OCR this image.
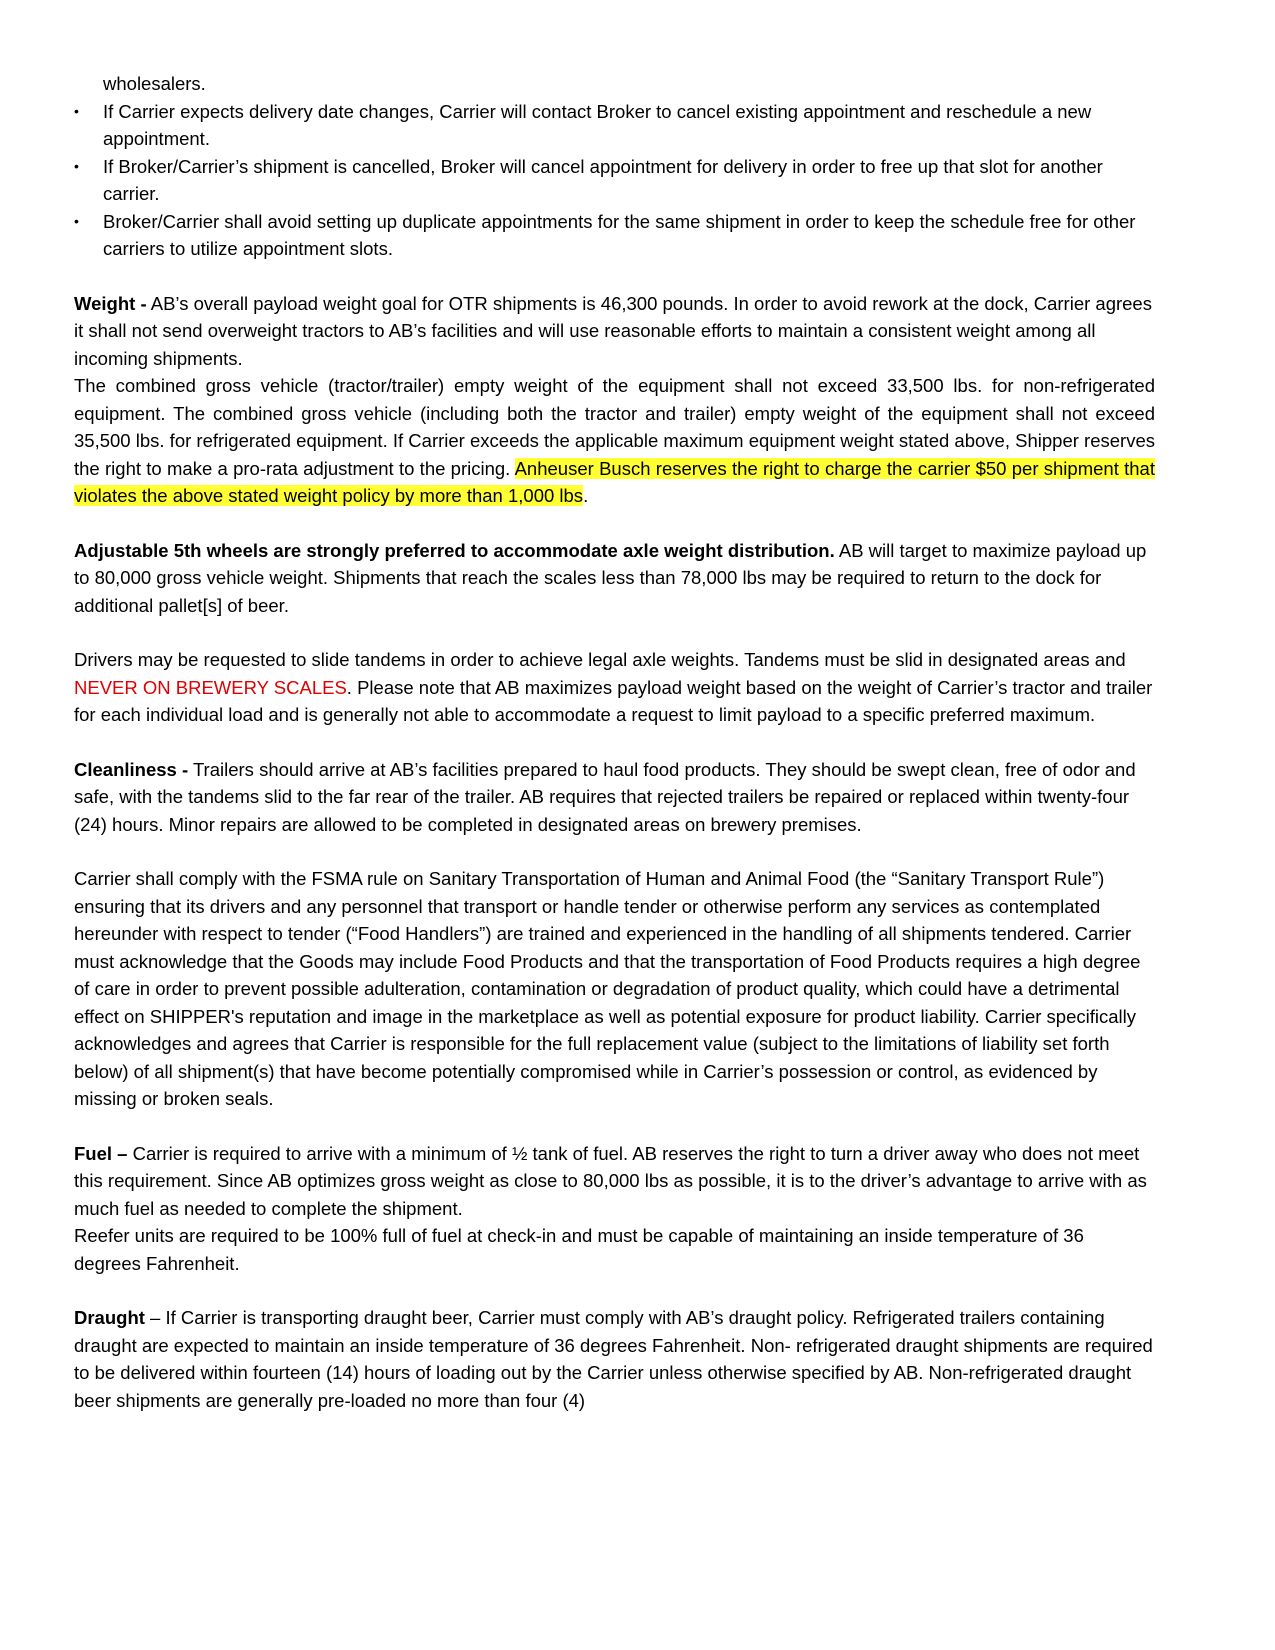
wholesalers.

• If Carrier expects delivery date changes, Carrier will contact Broker to cancel existing appointment and reschedule a new appointment.
• If Broker/Carrier’s shipment is cancelled, Broker will cancel appointment for delivery in order to free up that slot for another carrier.
• Broker/Carrier shall avoid setting up duplicate appointments for the same shipment in order to keep the schedule free for other carriers to utilize appointment slots.

Weight - AB’s overall payload weight goal for OTR shipments is 46,300 pounds. In order to avoid rework at the dock, Carrier agrees it shall not send overweight tractors to AB’s facilities and will use reasonable efforts to maintain a consistent weight among all incoming shipments.

The combined gross vehicle (tractor/trailer) empty weight of the equipment shall not exceed 33,500 lbs. for non-refrigerated equipment. The combined gross vehicle (including both the tractor and trailer) empty weight of the equipment shall not exceed 35,500 lbs. for refrigerated equipment. If Carrier exceeds the applicable maximum equipment weight stated above, Shipper reserves the right to make a pro-rata adjustment to the pricing. Anheuser Busch reserves the right to charge the carrier $50 per shipment that violates the above stated weight policy by more than 1,000 lbs.

Adjustable 5th wheels are strongly preferred to accommodate axle weight distribution. AB will target to maximize payload up to 80,000 gross vehicle weight. Shipments that reach the scales less than 78,000 lbs may be required to return to the dock for additional pallet[s] of beer.

Drivers may be requested to slide tandems in order to achieve legal axle weights. Tandems must be slid in designated areas and NEVER ON BREWERY SCALES. Please note that AB maximizes payload weight based on the weight of Carrier’s tractor and trailer for each individual load and is generally not able to accommodate a request to limit payload to a specific preferred maximum.

Cleanliness - Trailers should arrive at AB’s facilities prepared to haul food products. They should be swept clean, free of odor and safe, with the tandems slid to the far rear of the trailer. AB requires that rejected trailers be repaired or replaced within twenty-four (24) hours. Minor repairs are allowed to be completed in designated areas on brewery premises.

Carrier shall comply with the FSMA rule on Sanitary Transportation of Human and Animal Food (the “Sanitary Transport Rule”) ensuring that its drivers and any personnel that transport or handle tender or otherwise perform any services as contemplated hereunder with respect to tender (“Food Handlers”) are trained and experienced in the handling of all shipments tendered. Carrier must acknowledge that the Goods may include Food Products and that the transportation of Food Products requires a high degree of care in order to prevent possible adulteration, contamination or degradation of product quality, which could have a detrimental effect on SHIPPER's reputation and image in the marketplace as well as potential exposure for product liability. Carrier specifically acknowledges and agrees that Carrier is responsible for the full replacement value (subject to the limitations of liability set forth below) of all shipment(s) that have become potentially compromised while in Carrier’s possession or control, as evidenced by missing or broken seals.

Fuel – Carrier is required to arrive with a minimum of ½ tank of fuel. AB reserves the right to turn a driver away who does not meet this requirement. Since AB optimizes gross weight as close to 80,000 lbs as possible, it is to the driver’s advantage to arrive with as much fuel as needed to complete the shipment.

Reefer units are required to be 100% full of fuel at check-in and must be capable of maintaining an inside temperature of 36 degrees Fahrenheit.

Draught – If Carrier is transporting draught beer, Carrier must comply with AB’s draught policy. Refrigerated trailers containing draught are expected to maintain an inside temperature of 36 degrees Fahrenheit. Non- refrigerated draught shipments are required to be delivered within fourteen (14) hours of loading out by the Carrier unless otherwise specified by AB. Non-refrigerated draught beer shipments are generally pre-loaded no more than four (4)
